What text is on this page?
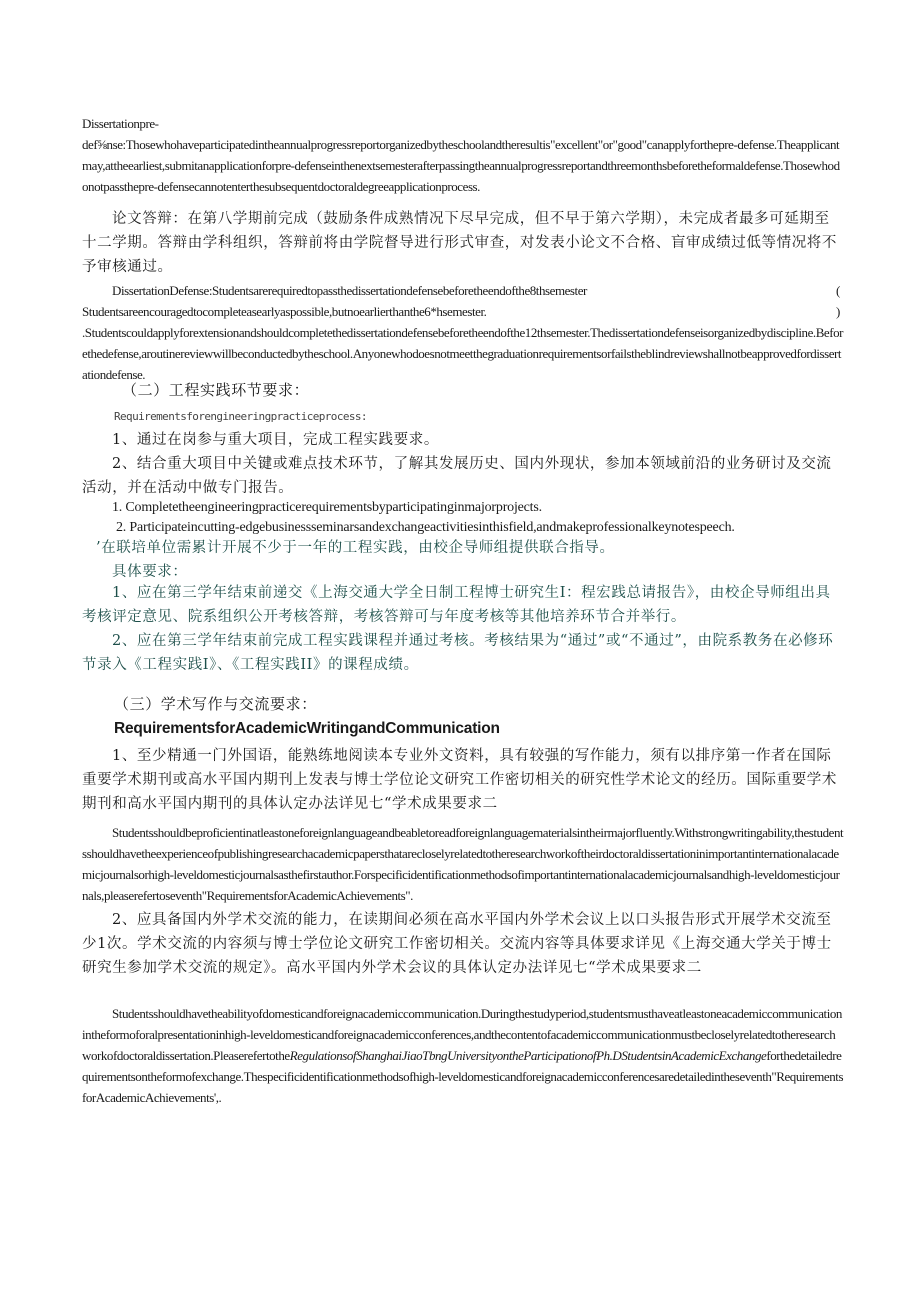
Dissertationpre-
def⅝nse:Thosewhohaveparticipatedintheannualprogressreportorganizedbytheschoolandtheresultis"excellent"or"good"canapplyforthepre-defense.Theapplicantmay,attheearliest,submitanapplicationforpre-defenseinthenextsemesterafterpassingtheannualprogressreportandthreemonthsbeforetheformaldefense.Thosewhodonotpassthepre-defensecannotenterthesubsequentdoctoraldegreeapplicationprocess.
论文答辩：在第八学期前完成（鼓励条件成熟情况下尽早完成，但不早于第六学期），未完成者最多可延期至十二学期。答辩由学科组织，答辩前将由学院督导进行形式审查，对发表小论文不合格、盲审成绩过低等情况将不予审核通过。
DissertationDefense:Studentsarerequiredtopassthedissertationdefensebeforetheendofthe8thsemester	(
Studentsareencouragedtocompleteasearlyaspossible,butnoearlierthanthe6*hsemester.	)
.Studentscouldapplyforextensionandshouldcompletethedissertationdefensebeforetheendofthe12thsemester.Thedissertationdefenseisorganizedbydiscipline.Beforethedefense,aroutinereviewwillbeconductedbytheschool.Anyonewhodoesnotmeetthegraduationrequirementsorfailstheblindreviewshallnotbeapprovedfordissertationdefense.
（二）工程实践环节要求：
Requirementsforengineeringpracticeprocess:
1、通过在岗参与重大项目，完成工程实践要求。
2、结合重大项目中关键或难点技术环节，了解其发展历史、国内外现状，参加本领域前沿的业务研讨及交流活动，并在活动中做专门报告。
1. Completetheengineeringpracticerequirementsbyparticipatinginmajorprojects.
2. Participateincutting-edgebusinessseminarsandexchangeactivitiesinthisfield,andmakeprofessionalkeynotespeech.
’在联培单位需累计开展不少于一年的工程实践，由校企导师组提供联合指导。
具体要求：
1、应在第三学年结束前递交《上海交通大学全日制工程博士研究生I：程宏践总请报告》，由校企导师组出具考核评定意见、院系组织公开考核答辩，考核答辩可与年度考核等其他培养环节合并举行。
2、应在第三学年结束前完成工程实践课程并通过考核。考核结果为“通过”或“不通过”，由院系教务在必修环节录入《工程实践I》、《工程实践II》的课程成绩。
（三）学术写作与交流要求：
RequirementsforAcademicWritingandCommunication
1、至少精通一门外国语，能熟练地阅读本专业外文资料，具有较强的写作能力，须有以排序第一作者在国际重要学术期刊或高水平国内期刊上发表与博士学位论文研究工作密切相关的研究性学术论文的经历。国际重要学术期刊和高水平国内期刊的具体认定办法详见七“学术成果要求二
Studentsshouldbeproficientinatleastoneforeignlanguageandbeabletoreadforeignlanguagematerialsintheirmajorfluently.Withstrongwritingability,thestudentsshouldhavetheexperienceofpublishingresearchacademicpapersthatarecloselyrelatedtotheresearchworkoftheirdoctoraldissertationinimportantinternationalacademicjournalsorhigh-leveldomesticjournalsasthefirstauthor.Forspecificidentificationmethodsofimportantinternationalacademicjournalsandhigh-leveldomesticjournals,pleaserefertoseventh"RequirementsforAcademicAchievements".
2、应具备国内外学术交流的能力，在读期间必须在高水平国内外学术会议上以口头报告形式开展学术交流至少1次。学术交流的内容须与博士学位论文研究工作密切相关。交流内容等具体要求详见《上海交通大学关于博士研究生参加学术交流的规定》。高水平国内外学术会议的具体认定办法详见七“学术成果要求二
Studentsshouldhavetheabilityofdomesticandforeignacademiccommunication.Duringthestudyperiod,studentsmusthaveatleastoneacademiccommunicationintheformoforalpresentationinhigh-leveldomesticandforeignacademicconferences,andthecontentofacademiccommunicationmustbecloselyrelatedtotheresearchworkofdoctoraldissertation.PleaserefertotheRegulationsofShanghaiJiaoTbngUniversityontheParticipationofPh.DStudentsinAcademicExchangeforthedetailedrequirementsontheformofexchange.Thespecificidentificationmethodsofhigh-leveldomesticandforeignacademicconferencesaredetailedintheseventh"RequirementsforAcademicAchievements',.
